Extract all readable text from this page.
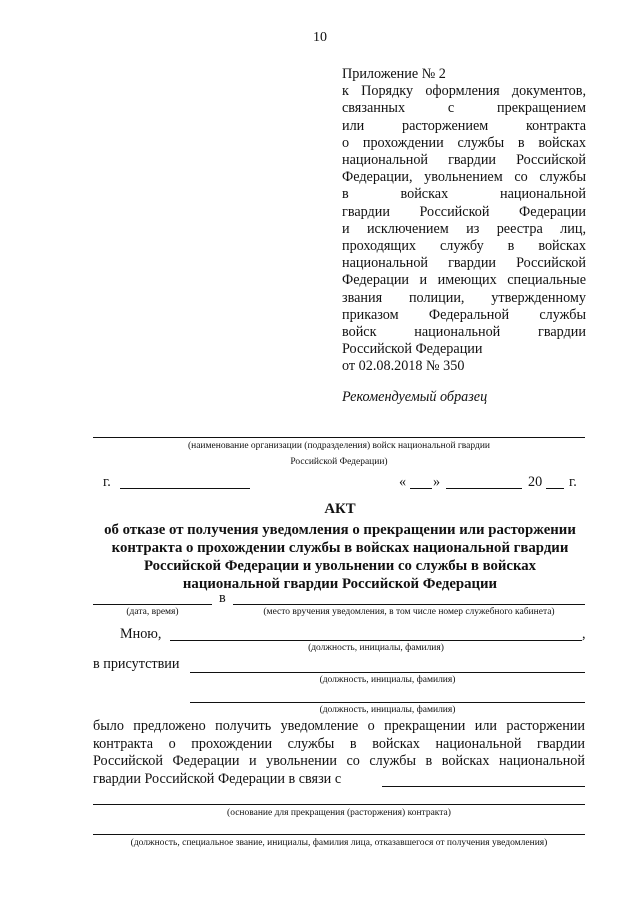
10
Приложение № 2
к Порядку оформления документов,
связанных с прекращением
или расторжением контракта
о прохождении службы в войсках
национальной гвардии Российской
Федерации, увольнением со службы
в войсках национальной
гвардии Российской Федерации
и исключением из реестра лиц,
проходящих службу в войсках
национальной гвардии Российской
Федерации и имеющих специальные
звания полиции, утвержденному
приказом Федеральной службы
войск национальной гвардии
Российской Федерации
от 02.08.2018 № 350
Рекомендуемый образец
(наименование организации (подразделения) войск национальной гвардии
Российской Федерации)
г.	« »	20 г.
АКТ
об отказе от получения уведомления о прекращении или расторжении
контракта о прохождении службы в войсках национальной гвардии
Российской Федерации и увольнении со службы в войсках
национальной гвардии Российской Федерации
в
(дата, время)	(место вручения уведомления, в том числе номер служебного кабинета)
Мною,	,
(должность, инициалы, фамилия)
в присутствии
(должность, инициалы, фамилия)
(должность, инициалы, фамилия)
было предложено получить уведомление о прекращении или расторжении
контракта о прохождении службы в войсках национальной гвардии
Российской Федерации и увольнении со службы в войсках национальной
гвардии Российской Федерации в связи с
(основание для прекращения (расторжения) контракта)
(должность, специальное звание, инициалы, фамилия лица, отказавшегося от получения уведомления)
